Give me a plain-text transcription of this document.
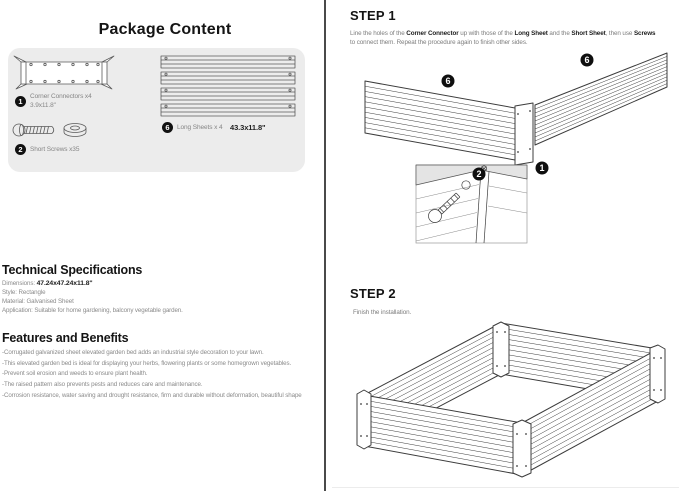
Package Content
1
Corner Connectors x4
3.9x11.8"
2	Short Screws x35
6	Long Sheets x 4 43.3x11.8"
Technical Specifications
Dimensions: 47.24x47.24x11.8"
Style: Rectangle
Material: Galvanised Sheet
Application: Suitable for home gardening, balcony vegetable garden.
Features and Benefits
-Corrugated galvanized sheet elevated garden bed adds an industrial style decoration to your lawn.
-This elevated garden bed is ideal for displaying your herbs, flowering plants or some homegrown vegetables.
-Prevent soil erosion and weeds to ensure plant health.
-The raised pattern also prevents pests and reduces care and maintenance.
-Corrosion resistance, water saving and drought resistance, firm and durable without deformation, beautiful shape
STEP 1
Line the holes of the Corner Connector up with those of the Long Sheet and the Short Sheet, then use Screws
to connect them. Repeat the procedure again to finish other sides.
6
6
1
2
STEP 2
Finish the installation.
